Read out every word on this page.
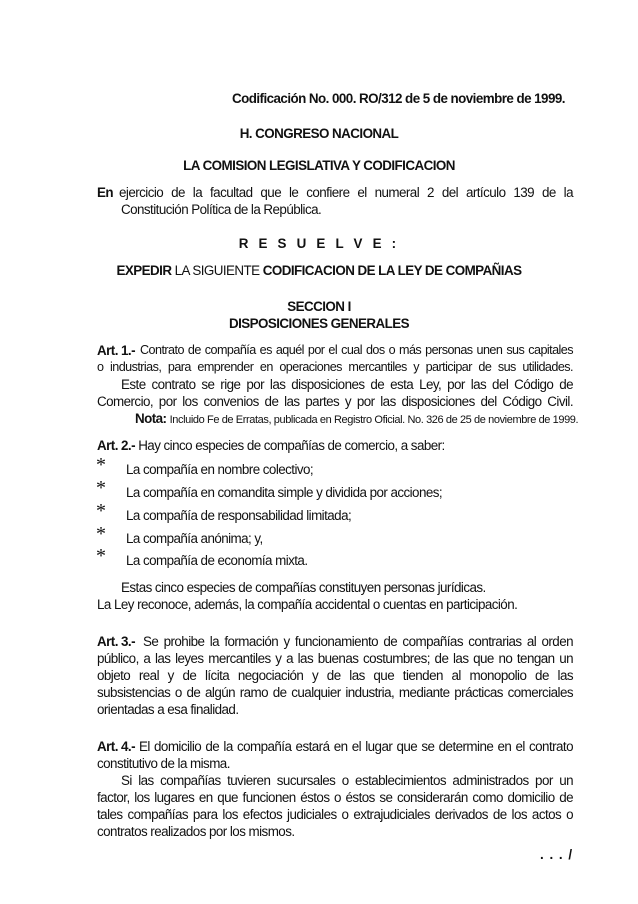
Codificación No. 000. RO/312 de 5 de noviembre de 1999.
H. CONGRESO NACIONAL
LA COMISION LEGISLATIVA Y CODIFICACION
En ejercicio de la facultad que le confiere el numeral 2 del artículo 139 de la
Constitución Política de la República.
R E S U E L V E :
EXPEDIR LA SIGUIENTE CODIFICACION DE LA LEY DE COMPAÑIAS
SECCION I
DISPOSICIONES GENERALES
Art. 1.- Contrato de compañía es aquél por el cual dos o más personas unen sus capitales
o industrias, para emprender en operaciones mercantiles y participar de sus utilidades.
Este contrato se rige por las disposiciones de esta Ley, por las del Código de
Comercio, por los convenios de las partes y por las disposiciones del Código Civil.
Nota: Incluido Fe de Erratas, publicada en Registro Oficial. No. 326 de 25 de noviembre de 1999.
Art. 2.- Hay cinco especies de compañías de comercio, a saber:
* La compañía en nombre colectivo;
* La compañía en comandita simple y dividida por acciones;
* La compañía de responsabilidad limitada;
* La compañía anónima; y,
* La compañía de economía mixta.
Estas cinco especies de compañías constituyen personas jurídicas.
La Ley reconoce, además, la compañía accidental o cuentas en participación.
Art. 3.- Se prohibe la formación y funcionamiento de compañías contrarias al orden
público, a las leyes mercantiles y a las buenas costumbres; de las que no tengan un
objeto real y de lícita negociación y de las que tienden al monopolio de las
subsistencias o de algún ramo de cualquier industria, mediante prácticas comerciales
orientadas a esa finalidad.
Art. 4.- El domicilio de la compañía estará en el lugar que se determine en el contrato
constitutivo de la misma.
Si las compañías tuvieren sucursales o establecimientos administrados por un
factor, los lugares en que funcionen éstos o éstos se considerarán como domicilio de
tales compañías para los efectos judiciales o extrajudiciales derivados de los actos o
contratos realizados por los mismos.
. . . /
